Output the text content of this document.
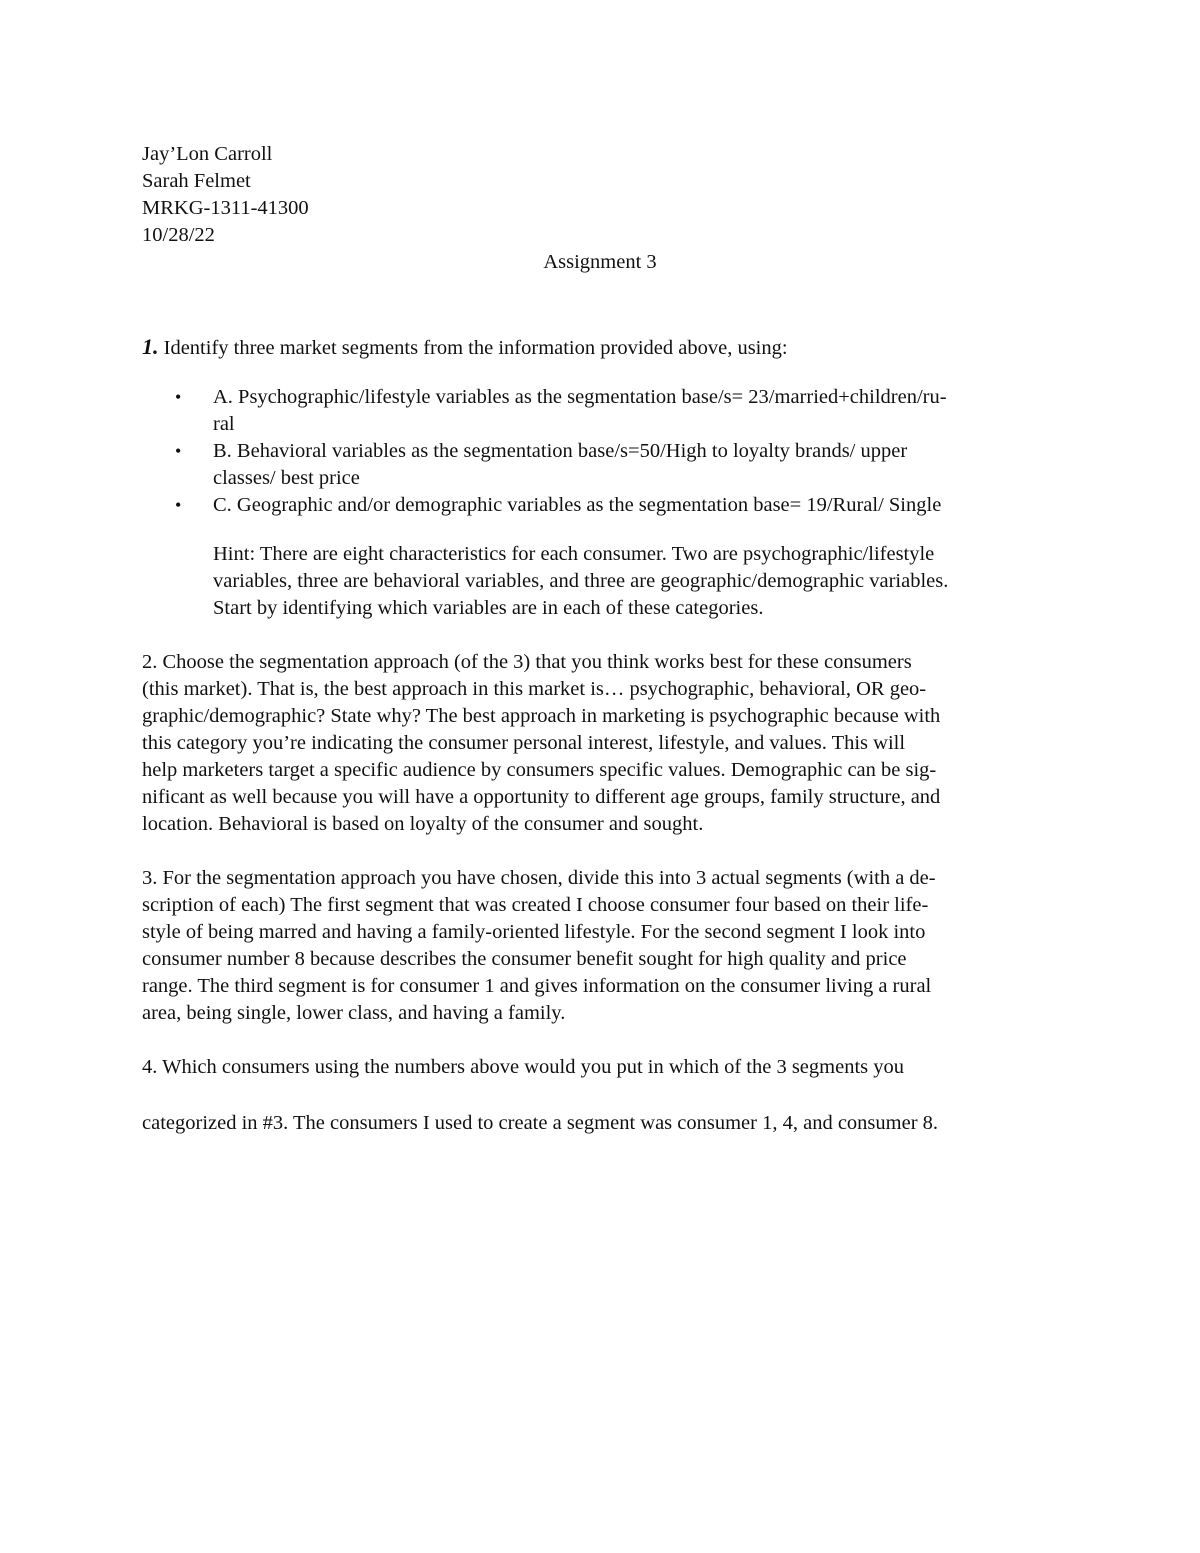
Jay’Lon Carroll
Sarah Felmet
MRKG-1311-41300
10/28/22
Assignment 3
1. Identify three market segments from the information provided above, using:
• A. Psychographic/lifestyle variables as the segmentation base/s= 23/married+children/ru-
ral
• B. Behavioral variables as the segmentation base/s=50/High to loyalty brands/ upper
classes/ best price
• C. Geographic and/or demographic variables as the segmentation base= 19/Rural/ Single
Hint: There are eight characteristics for each consumer. Two are psychographic/lifestyle
variables, three are behavioral variables, and three are geographic/demographic variables.
Start by identifying which variables are in each of these categories.
2. Choose the segmentation approach (of the 3) that you think works best for these consumers
(this market). That is, the best approach in this market is… psychographic, behavioral, OR geo-
graphic/demographic? State why? The best approach in marketing is psychographic because with
this category you’re indicating the consumer personal interest, lifestyle, and values. This will
help marketers target a specific audience by consumers specific values. Demographic can be sig-
nificant as well because you will have a opportunity to different age groups, family structure, and
location. Behavioral is based on loyalty of the consumer and sought.
3. For the segmentation approach you have chosen, divide this into 3 actual segments (with a de-
scription of each) The first segment that was created I choose consumer four based on their life-
style of being marred and having a family-oriented lifestyle. For the second segment I look into
consumer number 8 because describes the consumer benefit sought for high quality and price
range. The third segment is for consumer 1 and gives information on the consumer living a rural
area, being single, lower class, and having a family.
4. Which consumers using the numbers above would you put in which of the 3 segments you
categorized in #3. The consumers I used to create a segment was consumer 1, 4, and consumer 8.
